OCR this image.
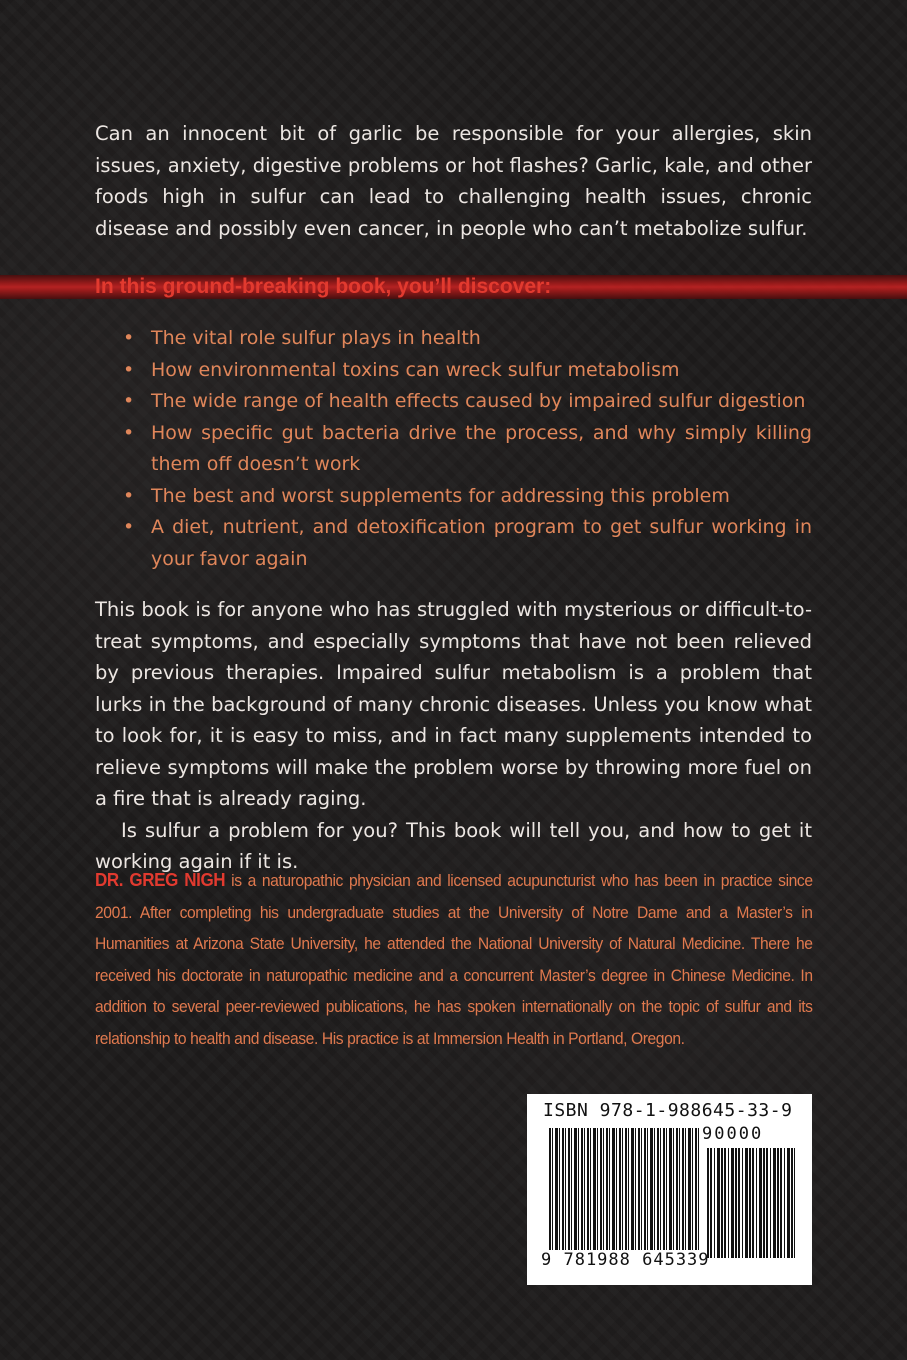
Can an innocent bit of garlic be responsible for your allergies, skin issues, anxiety, digestive problems or hot flashes? Garlic, kale, and other foods high in sulfur can lead to challenging health issues, chronic disease and possibly even cancer, in people who can’t metabolize sulfur.

In this ground-breaking book, you’ll discover:
• The vital role sulfur plays in health
• How environmental toxins can wreck sulfur metabolism
• The wide range of health effects caused by impaired sulfur digestion
• How specific gut bacteria drive the process, and why simply killing them off doesn’t work
• The best and worst supplements for addressing this problem
• A diet, nutrient, and detoxification program to get sulfur working in your favor again

This book is for anyone who has struggled with mysterious or difficult-to-treat symptoms, and especially symptoms that have not been relieved by previous therapies. Impaired sulfur metabolism is a problem that lurks in the background of many chronic diseases. Unless you know what to look for, it is easy to miss, and in fact many supplements intended to relieve symptoms will make the problem worse by throwing more fuel on a fire that is already raging.

Is sulfur a problem for you? This book will tell you, and how to get it working again if it is.

DR. GREG NIGH is a naturopathic physician and licensed acupuncturist who has been in practice since 2001. After completing his undergraduate studies at the University of Notre Dame and a Master’s in Humanities at Arizona State University, he attended the National University of Natural Medicine. There he received his doctorate in naturopathic medicine and a concurrent Master’s degree in Chinese Medicine. In addition to several peer-reviewed publications, he has spoken internationally on the topic of sulfur and its relationship to health and disease. His practice is at Immersion Health in Portland, Oregon.
ISBN 978-1-988645-33-9
90000
9 781988 645339
